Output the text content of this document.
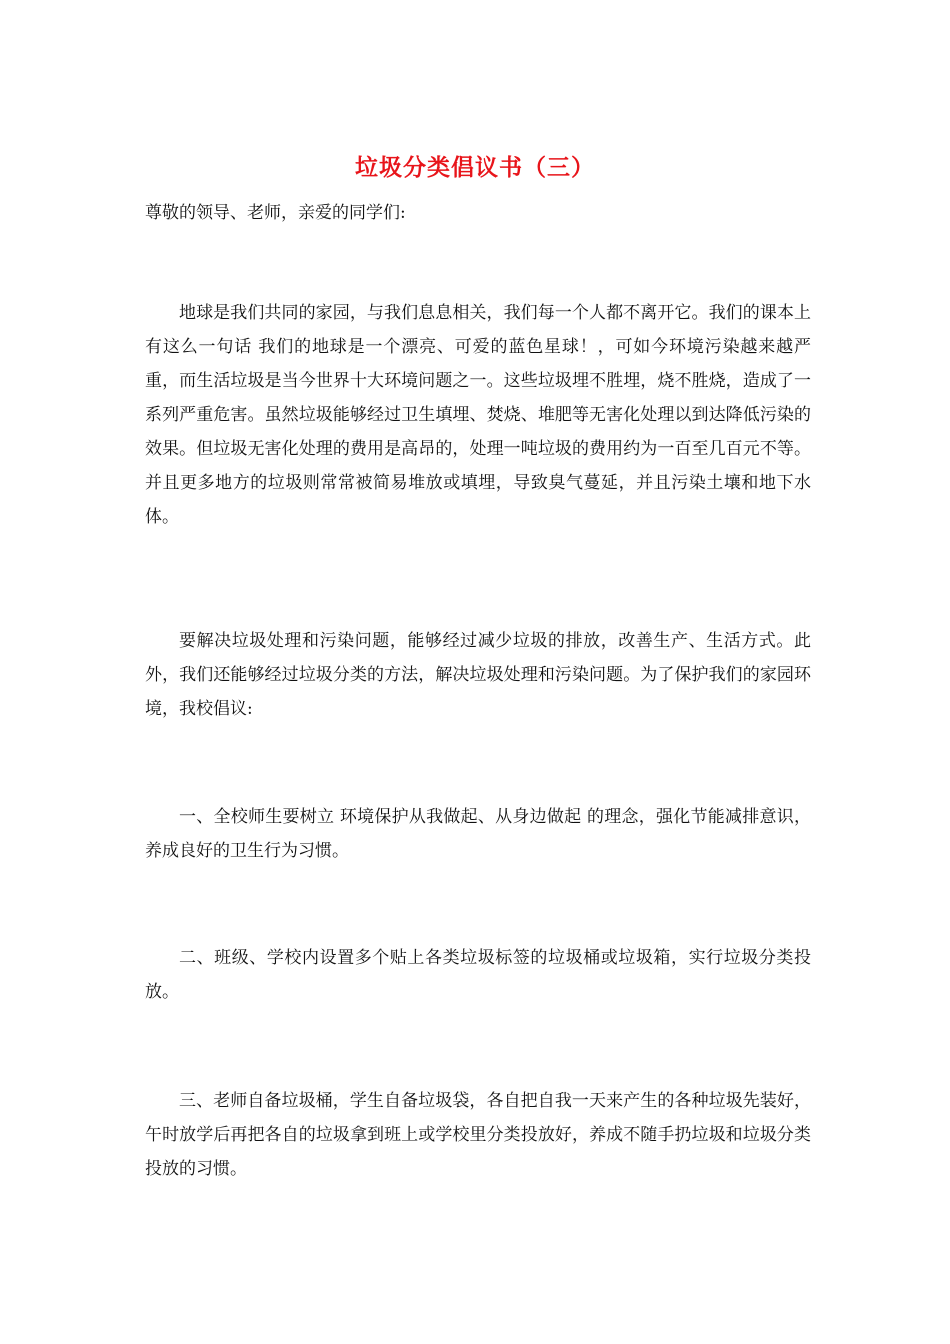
垃圾分类倡议书（三）
尊敬的领导、老师，亲爱的同学们:

地球是我们共同的家园，与我们息息相关，我们每一个人都不离开它。我们的课本上有这么一句话 我们的地球是一个漂亮、可爱的蓝色星球！，可如今环境污染越来越严重，而生活垃圾是当今世界十大环境问题之一。这些垃圾埋不胜埋，烧不胜烧，造成了一系列严重危害。虽然垃圾能够经过卫生填埋、焚烧、堆肥等无害化处理以到达降低污染的效果。但垃圾无害化处理的费用是高昂的，处理一吨垃圾的费用约为一百至几百元不等。并且更多地方的垃圾则常常被简易堆放或填埋，导致臭气蔓延，并且污染土壤和地下水体。

要解决垃圾处理和污染问题，能够经过减少垃圾的排放，改善生产、生活方式。此外，我们还能够经过垃圾分类的方法，解决垃圾处理和污染问题。为了保护我们的家园环境，我校倡议:

一、全校师生要树立 环境保护从我做起、从身边做起 的理念，强化节能减排意识，养成良好的卫生行为习惯。

二、班级、学校内设置多个贴上各类垃圾标签的垃圾桶或垃圾箱，实行垃圾分类投放。

三、老师自备垃圾桶，学生自备垃圾袋，各自把自我一天来产生的各种垃圾先装好，午时放学后再把各自的垃圾拿到班上或学校里分类投放好，养成不随手扔垃圾和垃圾分类投放的习惯。
